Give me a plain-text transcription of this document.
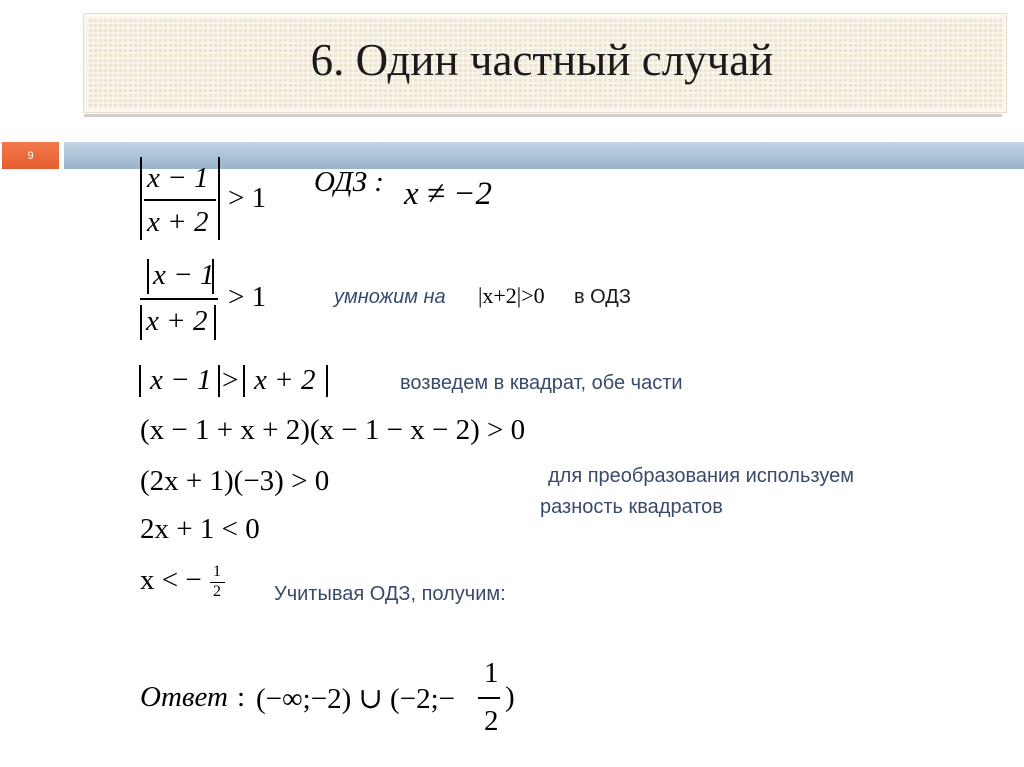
6. Один частный случай
9
x − 1
x + 2
> 1 ОДЗ : x ≠ −2
x − 1
x + 2
> 1	умножим на |x+2|>0 в ОДЗ
x − 1 > x + 2	возведем в квадрат, обе части
(x − 1 + x + 2)(x − 1 − x − 2) > 0
(2x + 1)(−3) > 0	для преобразования используем
разность квадратов
2x + 1 < 0
x < − 1
2	Учитывая ОДЗ, получим:
Ответ : (−∞;−2) ∪ (−2;−
1
2
)
